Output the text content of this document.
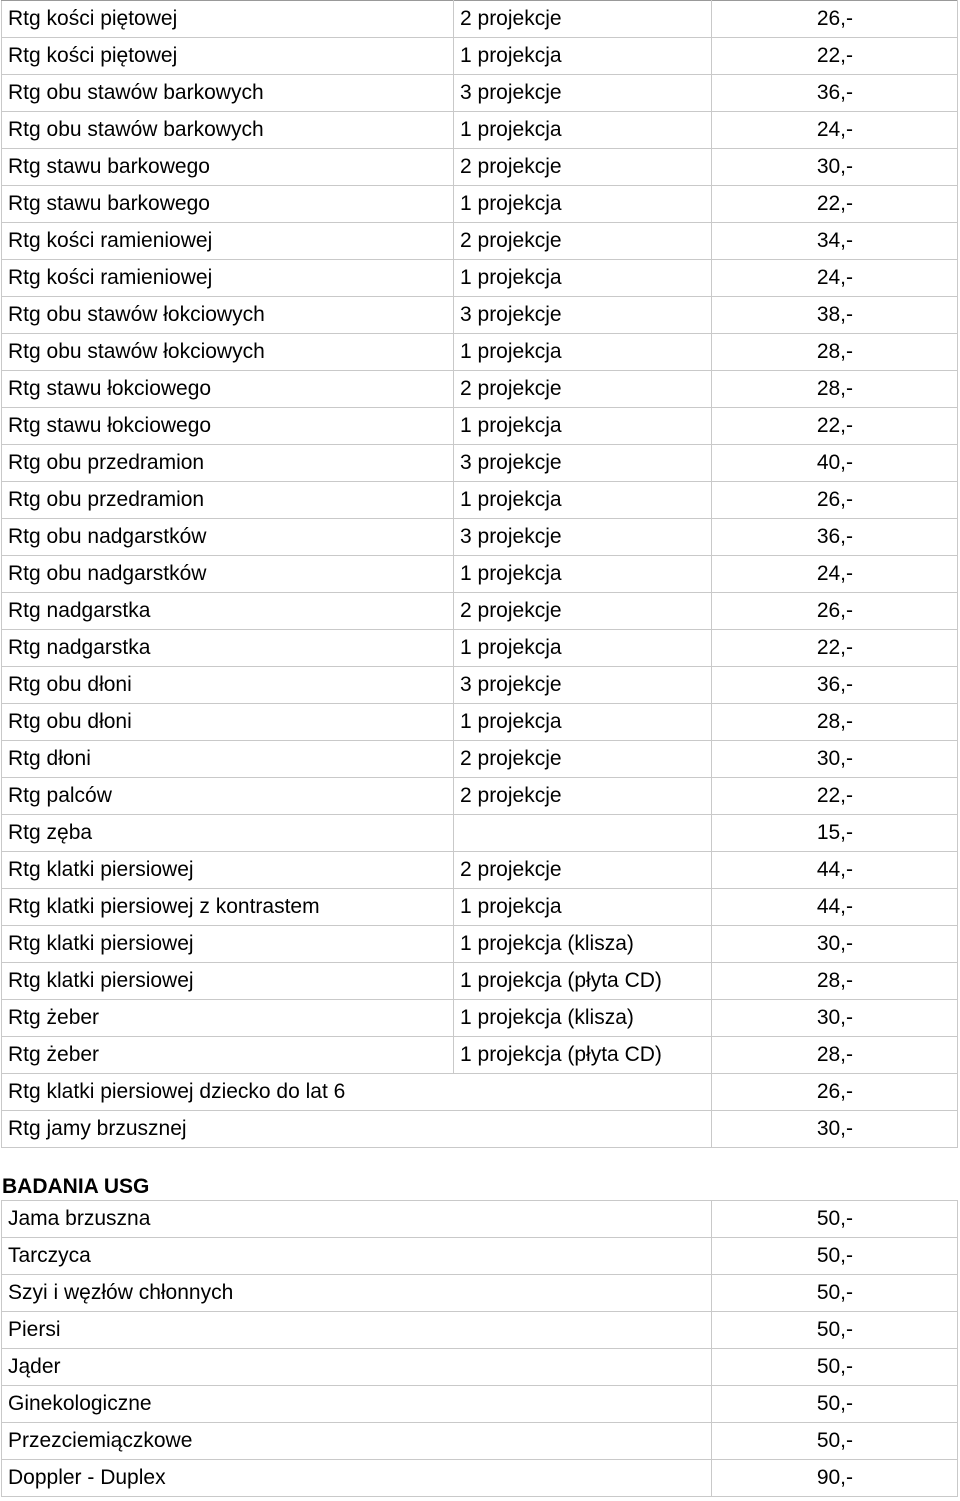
Rtg kości piętowej	2 projekcje	26,-
Rtg kości piętowej	1 projekcja	22,-
Rtg obu stawów barkowych	3 projekcje	36,-
Rtg obu stawów barkowych	1 projekcja	24,-
Rtg stawu barkowego	2 projekcje	30,-
Rtg stawu barkowego	1 projekcja	22,-
Rtg kości ramieniowej	2 projekcje	34,-
Rtg kości ramieniowej	1 projekcja	24,-
Rtg obu stawów łokciowych	3 projekcje	38,-
Rtg obu stawów łokciowych	1 projekcja	28,-
Rtg stawu łokciowego	2 projekcje	28,-
Rtg stawu łokciowego	1 projekcja	22,-
Rtg obu przedramion	3 projekcje	40,-
Rtg obu przedramion	1 projekcja	26,-
Rtg obu nadgarstków	3 projekcje	36,-
Rtg obu nadgarstków	1 projekcja	24,-
Rtg nadgarstka	2 projekcje	26,-
Rtg nadgarstka	1 projekcja	22,-
Rtg obu dłoni	3 projekcje	36,-
Rtg obu dłoni	1 projekcja	28,-
Rtg dłoni	2 projekcje	30,-
Rtg palców	2 projekcje	22,-
Rtg zęba		15,-
Rtg klatki piersiowej	2 projekcje	44,-
Rtg klatki piersiowej z kontrastem	1 projekcja	44,-
Rtg klatki piersiowej	1 projekcja (klisza)	30,-
Rtg klatki piersiowej	1 projekcja (płyta CD)	28,-
Rtg żeber	1 projekcja (klisza)	30,-
Rtg żeber	1 projekcja (płyta CD)	28,-
Rtg klatki piersiowej dziecko do lat 6		26,-
Rtg jamy brzusznej		30,-
BADANIA USG
Jama brzuszna	50,-
Tarczyca	50,-
Szyi i węzłów chłonnych	50,-
Piersi	50,-
Jąder	50,-
Ginekologiczne	50,-
Przezciemiączkowe	50,-
Doppler - Duplex	90,-
